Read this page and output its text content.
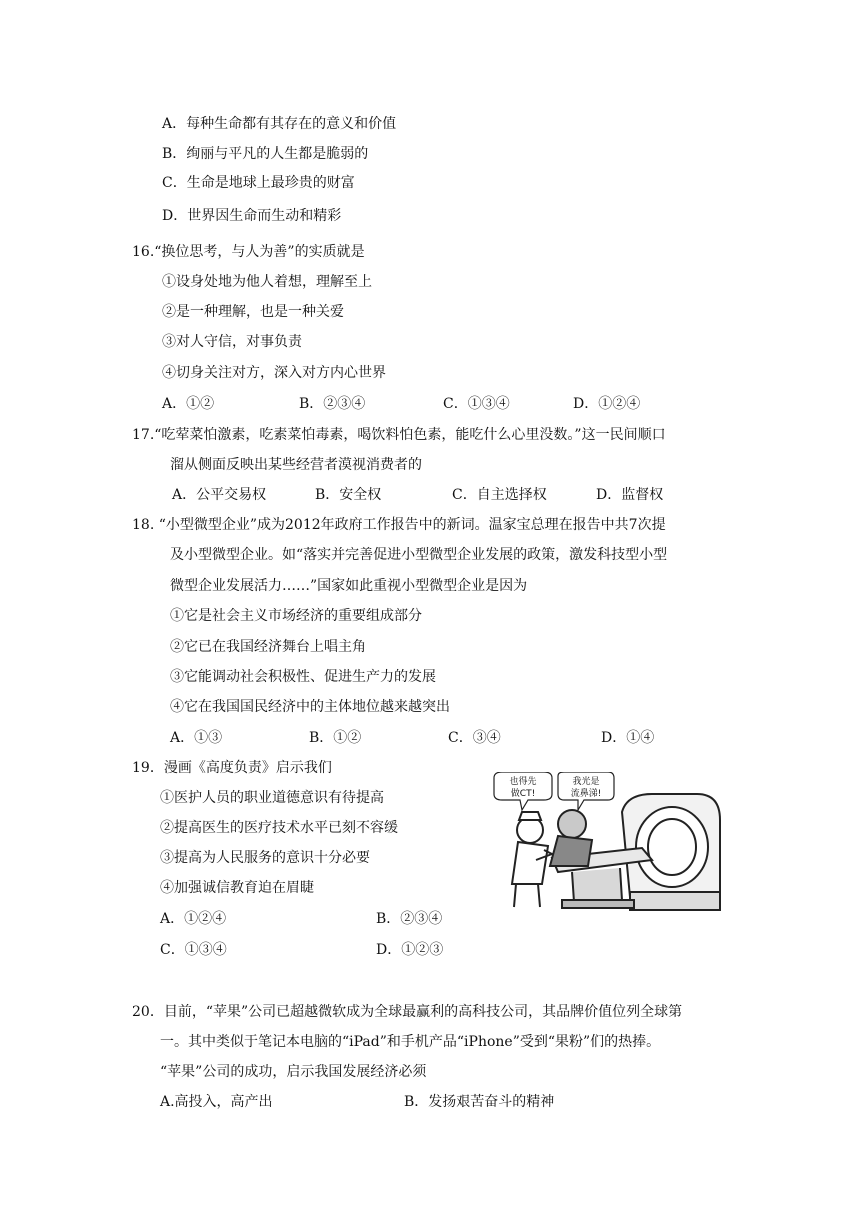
A．每种生命都有其存在的意义和价值
B．绚丽与平凡的人生都是脆弱的
C．生命是地球上最珍贵的财富
D．世界因生命而生动和精彩
16.“换位思考，与人为善”的实质就是
①设身处地为他人着想，理解至上
②是一种理解，也是一种关爱
③对人守信，对事负责
④切身关注对方，深入对方内心世界
A．①②	B．②③④	C．①③④	D．①②④
17.“吃荤菜怕激素，吃素菜怕毒素，喝饮料怕色素，能吃什么心里没数。”这一民间顺口
溜从侧面反映出某些经营者漠视消费者的
A．公平交易权	B．安全权	C．自主选择权	D．监督权
18. “小型微型企业”成为2012年政府工作报告中的新词。温家宝总理在报告中共7次提
及小型微型企业。如“落实并完善促进小型微型企业发展的政策，激发科技型小型
微型企业发展活力……”国家如此重视小型微型企业是因为
①它是社会主义市场经济的重要组成部分
②它已在我国经济舞台上唱主角
③它能调动社会积极性、促进生产力的发展
④它在我国国民经济中的主体地位越来越突出
A．①③	B．①②	C．③④	D．①④
19．漫画《高度负责》启示我们
①医护人员的职业道德意识有待提高
②提高医生的医疗技术水平已刻不容缓
③提高为人民服务的意识十分必要
④加强诚信教育迫在眉睫
A．①②④	B．②③④
C．①③④	D．①②③
也得先
做CT!
我光是
流鼻涕!
20．目前，“苹果”公司已超越微软成为全球最赢利的高科技公司，其品牌价值位列全球第
一。其中类似于笔记本电脑的“iPad”和手机产品“iPhone”受到“果粉”们的热捧。
“苹果”公司的成功，启示我国发展经济必须
A.高投入，高产出	B．发扬艰苦奋斗的精神
